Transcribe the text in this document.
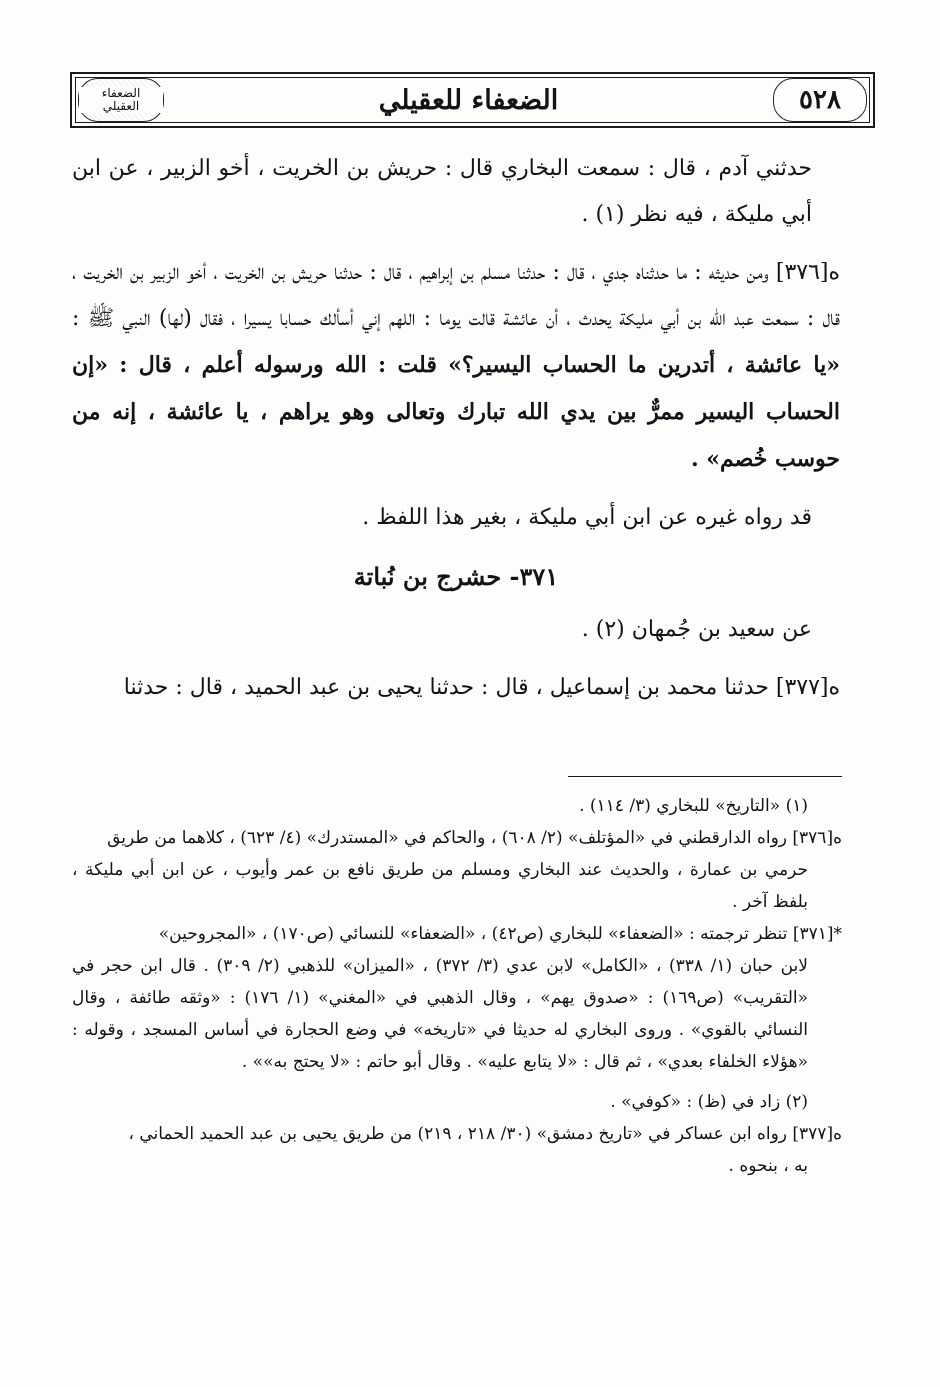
الضعفاء العقيلي	الضعفاء للعقيلي	٥٢٨

حدثني آدم ، قال : سمعت البخاري قال : حريش بن الخريت ، أخو الزبير ، عن ابن أبي مليكة ، فيه نظر (١) .

ه[٣٧٦] ومن حديثه : ما حدثناه جدي ، قال : حدثنا مسلم بن إبراهيم ، قال : حدثنا حريش بن الخريت ، أخو الزبير بن الخريت ، قال : سمعت عبد الله بن أبي مليكة يحدث ، أن عائشة قالت يوما : اللهم إني أسألك حسابا يسيرا ، فقال (لها) النبي ﷺ : «يا عائشة ، أتدرين ما الحساب اليسير؟» قلت : الله ورسوله أعلم ، قال : «إن الحساب اليسير ممرٌّ بين يدي الله تبارك وتعالى وهو يراهم ، يا عائشة ، إنه من حوسب خُصم» .

قد رواه غيره عن ابن أبي مليكة ، بغير هذا اللفظ .

٣٧١- حشرج بن نُباتة

عن سعيد بن جُمهان (٢) .

ه[٣٧٧] حدثنا محمد بن إسماعيل ، قال : حدثنا يحيى بن عبد الحميد ، قال : حدثنا

(١) «التاريخ» للبخاري (٣/ ١١٤) .

ه[٣٧٦] رواه الدارقطني في «المؤتلف» (٢/ ٦٠٨) ، والحاكم في «المستدرك» (٤/ ٦٢٣) ، كلاهما من طريق

حرمي بن عمارة ، والحديث عند البخاري ومسلم من طريق نافع بن عمر وأيوب ، عن ابن أبي مليكة ، بلفظ آخر .

*[٣٧١] تنظر ترجمته : «الضعفاء» للبخاري (ص٤٢) ، «الضعفاء» للنسائي (ص١٧٠) ، «المجروحين»

لابن حبان (١/ ٣٣٨) ، «الكامل» لابن عدي (٣/ ٣٧٢) ، «الميزان» للذهبي (٢/ ٣٠٩) . قال ابن حجر في «التقريب» (ص١٦٩) : «صدوق يهم» ، وقال الذهبي في «المغني» (١/ ١٧٦) : «وثقه طائفة ، وقال النسائي بالقوي» . وروى البخاري له حديثا في «تاريخه» في وضع الحجارة في أساس المسجد ، وقوله : «هؤلاء الخلفاء بعدي» ، ثم قال : «لا يتابع عليه» . وقال أبو حاتم : «لا يحتج به»» .

(٢) زاد في (ظ) : «كوفي» .

ه[٣٧٧] رواه ابن عساكر في «تاريخ دمشق» (٣٠/ ٢١٨ ، ٢١٩) من طريق يحيى بن عبد الحميد الحماني ،

به ، بنحوه .
